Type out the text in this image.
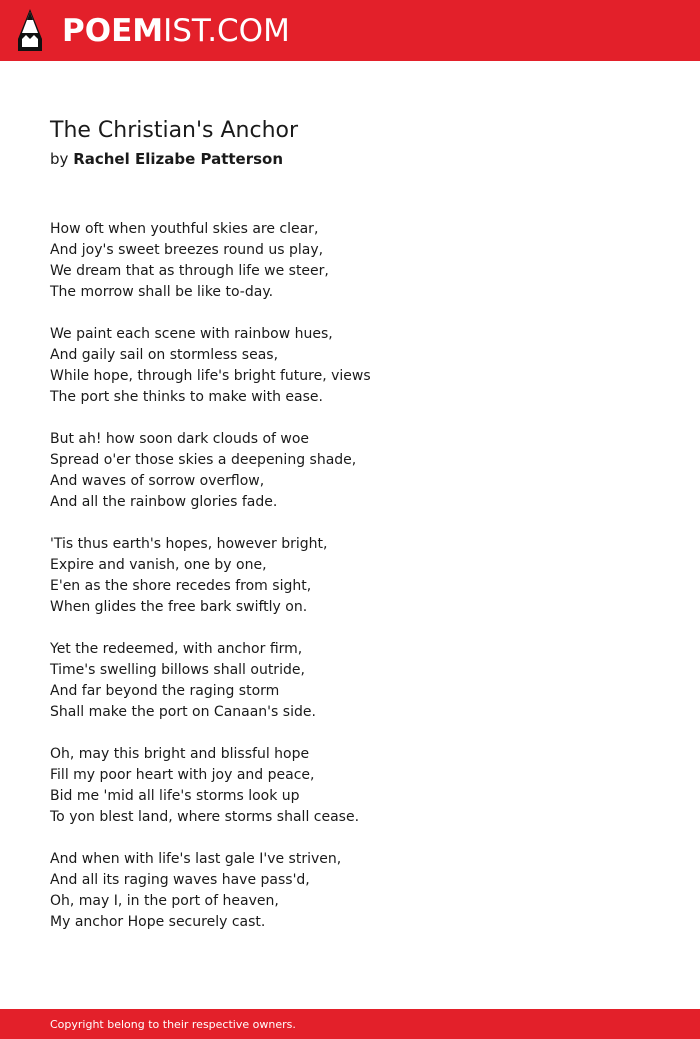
POEMIST.COM
The Christian's Anchor
by Rachel Elizabe Patterson
How oft when youthful skies are clear,
And joy's sweet breezes round us play,
We dream that as through life we steer,
The morrow shall be like to-day.
We paint each scene with rainbow hues,
And gaily sail on stormless seas,
While hope, through life's bright future, views
The port she thinks to make with ease.
But ah! how soon dark clouds of woe
Spread o'er those skies a deepening shade,
And waves of sorrow overflow,
And all the rainbow glories fade.
'Tis thus earth's hopes, however bright,
Expire and vanish, one by one,
E'en as the shore recedes from sight,
When glides the free bark swiftly on.
Yet the redeemed, with anchor firm,
Time's swelling billows shall outride,
And far beyond the raging storm
Shall make the port on Canaan's side.
Oh, may this bright and blissful hope
Fill my poor heart with joy and peace,
Bid me 'mid all life's storms look up
To yon blest land, where storms shall cease.
And when with life's last gale I've striven,
And all its raging waves have pass'd,
Oh, may I, in the port of heaven,
My anchor Hope securely cast.
Copyright belong to their respective owners.
